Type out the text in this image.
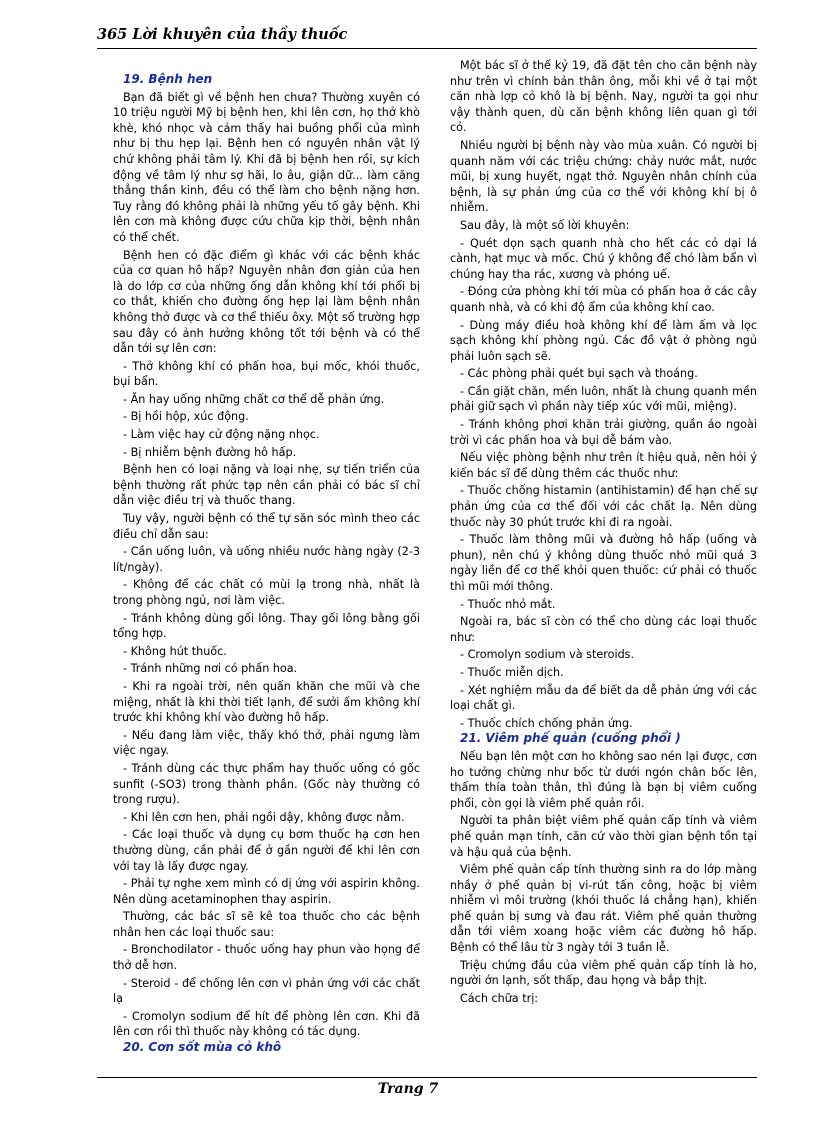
365 Lời khuyên của thầy thuốc

19. Bệnh hen

Bạn đã biết gì về bệnh hen chưa? Thường xuyên có 10 triệu người Mỹ bị bệnh hen, khi lên cơn, họ thở khò khè, khó nhọc và cảm thấy hai buồng phổi của mình như bị thu hẹp lại. Bệnh hen có nguyên nhân vật lý chứ không phải tâm lý. Khi đã bị bệnh hen rồi, sự kích động về tâm lý như sợ hãi, lo âu, giận dữ... làm căng thẳng thần kinh, đều có thể làm cho bệnh nặng hơn. Tuy rằng đó không phải là những yếu tố gây bệnh. Khi lên cơn mà không được cứu chữa kịp thời, bệnh nhân có thể chết.

Bệnh hen có đặc điểm gì khác với các bệnh khác của cơ quan hô hấp? Nguyên nhân đơn giản của hen là do lớp cơ của những ống dẫn không khí tới phổi bị co thắt, khiến cho đường ống hẹp lại làm bệnh nhân không thở được và cơ thể thiếu ôxy. Một số trường hợp sau đây có ảnh hưởng không tốt tới bệnh và có thể dẫn tới sự lên cơn:

- Thở không khí có phấn hoa, bụi mốc, khói thuốc, bụi bẩn.

- Ăn hay uống những chất cơ thể dễ phản ứng.

- Bị hồi hộp, xúc động.

- Làm việc hay cử động nặng nhọc.

- Bị nhiễm bệnh đường hô hấp.

Bệnh hen có loại nặng và loại nhẹ, sự tiến triển của bệnh thường rất phức tạp nên cần phải có bác sĩ chỉ dẫn việc điều trị và thuốc thang.

Tuy vậy, người bệnh có thể tự săn sóc mình theo các điều chỉ dẫn sau:

- Cần uống luôn, và uống nhiều nước hàng ngày (2-3 lít/ngày).

- Không để các chất có mùi lạ trong nhà, nhất là trong phòng ngủ, nơi làm việc.

- Tránh không dùng gối lông. Thay gối lông bằng gối tổng hợp.

- Không hút thuốc.

- Tránh những nơi có phấn hoa.

- Khi ra ngoài trời, nên quấn khăn che mũi và che miệng, nhất là khi thời tiết lạnh, để sưởi ấm không khí trước khi không khí vào đường hô hấp.

- Nếu đang làm việc, thấy khó thở, phải ngưng làm việc ngay.

- Tránh dùng các thực phẩm hay thuốc uống có gốc sunfit (-SO3) trong thành phần. (Gốc này thường có trong rượu).

- Khi lên cơn hen, phải ngồi dậy, không được nằm.

- Các loại thuốc và dụng cụ bơm thuốc hạ cơn hen thường dùng, cần phải để ở gần người để khi lên cơn với tay là lấy được ngay.

- Phải tự nghe xem mình có dị ứng với aspirin không. Nên dùng acetaminophen thay aspirin.

Thường, các bác sĩ sẽ kê toa thuốc cho các bệnh nhân hen các loại thuốc sau:

- Bronchodilator - thuốc uống hay phun vào họng để thở dễ hơn.

- Steroid - để chống lên cơn vì phản ứng với các chất lạ

- Cromolyn sodium để hít để phòng lên cơn. Khi đã lên cơn rồi thì thuốc này không có tác dụng.

20. Cơn sốt mùa cỏ khô

Một bác sĩ ở thế kỷ 19, đã đặt tên cho căn bệnh này như trên vì chính bản thân ông, mỗi khi về ở tại một căn nhà lợp cỏ khô là bị bệnh. Nay, người ta gọi như vậy thành quen, dù căn bệnh không liên quan gì tới cỏ.

Nhiều người bị bệnh này vào mùa xuân. Có người bị quanh năm với các triệu chứng: chảy nước mắt, nước mũi, bị xung huyết, ngạt thở. Nguyên nhân chính của bệnh, là sự phản ứng của cơ thể với không khí bị ô nhiễm.

Sau đây, là một số lời khuyên:

- Quét dọn sạch quanh nhà cho hết các cỏ dại lá cành, hạt mục và mốc. Chú ý không để chó làm bẩn vì chúng hay tha rác, xương và phóng uế.

- Đóng cửa phòng khi tới mùa có phấn hoa ở các cây quanh nhà, và có khi độ ẩm của không khí cao.

- Dùng máy điều hoà không khí để làm ấm và lọc sạch không khí phòng ngủ. Các đồ vật ở phòng ngủ phải luôn sạch sẽ.

- Các phòng phải quét bụi sạch và thoáng.

- Cần giặt chăn, mền luôn, nhất là chung quanh mền phải giữ sạch vì phần này tiếp xúc với mũi, miệng).

- Tránh không phơi khăn trải giường, quần áo ngoài trời vì các phấn hoa và bụi dễ bám vào.

Nếu việc phòng bệnh như trên ít hiệu quả, nên hỏi ý kiến bác sĩ để dùng thêm các thuốc như:

- Thuốc chống histamin (antihistamin) để hạn chế sự phản ứng của cơ thể đối với các chất lạ. Nên dùng thuốc này 30 phút trước khi đi ra ngoài.

- Thuốc làm thông mũi và đường hô hấp (uống và phun), nên chú ý không dùng thuốc nhỏ mũi quá 3 ngày liền để cơ thể khỏi quen thuốc: cứ phải có thuốc thì mũi mới thông.

- Thuốc nhỏ mắt.

Ngoài ra, bác sĩ còn có thể cho dùng các loại thuốc như:

- Cromolyn sodium và steroids.

- Thuốc miễn dịch.

- Xét nghiệm mẫu da để biết da dễ phản ứng với các loại chất gì.

- Thuốc chích chống phản ứng.

21. Viêm phế quản (cuống phổi )

Nếu bạn lên một cơn ho không sao nén lại được, cơn ho tưởng chừng như bốc từ dưới ngón chân bốc lên, thấm thía toàn thân, thì đúng là bạn bị viêm cuống phổi, còn gọi là viêm phế quản rồi.

Người ta phân biệt viêm phế quản cấp tính và viêm phế quản mạn tính, căn cứ vào thời gian bệnh tồn tại và hậu quả của bệnh.

Viêm phế quản cấp tính thường sinh ra do lớp màng nhầy ở phế quản bị vi-rút tấn công, hoặc bị viêm nhiễm vì môi trường (khói thuốc lá chẳng hạn), khiến phế quản bị sưng và đau rát. Viêm phế quản thường dẫn tới viêm xoang hoặc viêm các đường hô hấp. Bệnh có thể lâu từ 3 ngày tới 3 tuần lễ.

Triệu chứng đầu của viêm phế quản cấp tính là ho, người ớn lạnh, sốt thấp, đau họng và bắp thịt.

Cách chữa trị:

Trang 7
